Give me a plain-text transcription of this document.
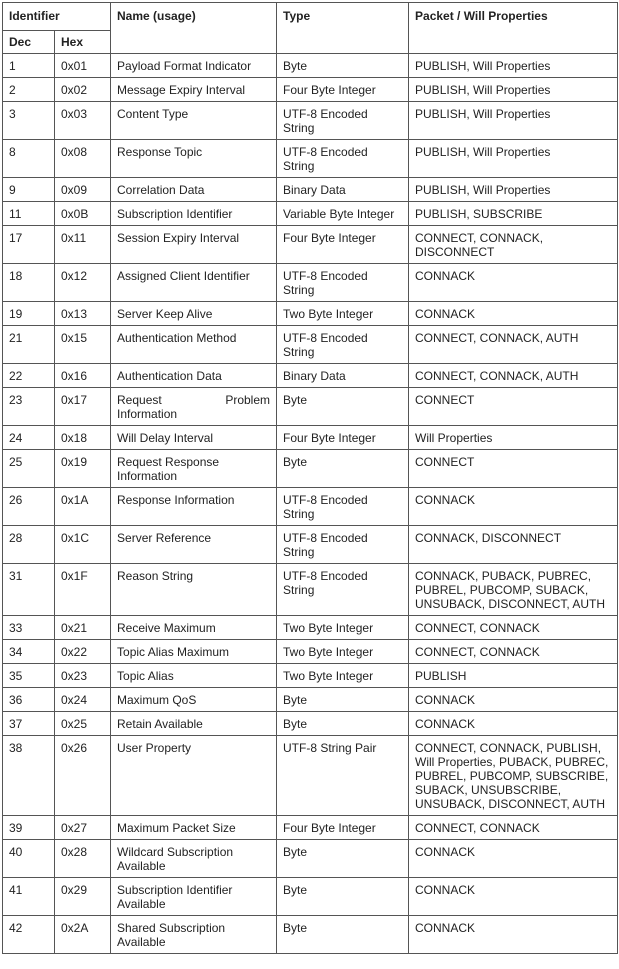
Identifier		Name (usage)	Type	Packet / Will Properties
Dec	Hex			
1	0x01	Payload Format Indicator	Byte	PUBLISH, Will Properties
2	0x02	Message Expiry Interval	Four Byte Integer	PUBLISH, Will Properties
3	0x03	Content Type	UTF-8 Encoded String	PUBLISH, Will Properties
8	0x08	Response Topic	UTF-8 Encoded String	PUBLISH, Will Properties
9	0x09	Correlation Data	Binary Data	PUBLISH, Will Properties
11	0x0B	Subscription Identifier	Variable Byte Integer	PUBLISH, SUBSCRIBE
17	0x11	Session Expiry Interval	Four Byte Integer	CONNECT, CONNACK, DISCONNECT
18	0x12	Assigned Client Identifier	UTF-8 Encoded String	CONNACK
19	0x13	Server Keep Alive	Two Byte Integer	CONNACK
21	0x15	Authentication Method	UTF-8 Encoded String	CONNECT, CONNACK, AUTH
22	0x16	Authentication Data	Binary Data	CONNECT, CONNACK, AUTH
23	0x17	Request Problem Information	Byte	CONNECT
24	0x18	Will Delay Interval	Four Byte Integer	Will Properties
25	0x19	Request Response Information	Byte	CONNECT
26	0x1A	Response Information	UTF-8 Encoded String	CONNACK
28	0x1C	Server Reference	UTF-8 Encoded String	CONNACK, DISCONNECT
31	0x1F	Reason String	UTF-8 Encoded String	CONNACK, PUBACK, PUBREC, PUBREL, PUBCOMP, SUBACK, UNSUBACK, DISCONNECT, AUTH
33	0x21	Receive Maximum	Two Byte Integer	CONNECT, CONNACK
34	0x22	Topic Alias Maximum	Two Byte Integer	CONNECT, CONNACK
35	0x23	Topic Alias	Two Byte Integer	PUBLISH
36	0x24	Maximum QoS	Byte	CONNACK
37	0x25	Retain Available	Byte	CONNACK
38	0x26	User Property	UTF-8 String Pair	CONNECT, CONNACK, PUBLISH, Will Properties, PUBACK, PUBREC, PUBREL, PUBCOMP, SUBSCRIBE, SUBACK, UNSUBSCRIBE, UNSUBACK, DISCONNECT, AUTH
39	0x27	Maximum Packet Size	Four Byte Integer	CONNECT, CONNACK
40	0x28	Wildcard Subscription Available	Byte	CONNACK
41	0x29	Subscription Identifier Available	Byte	CONNACK
42	0x2A	Shared Subscription Available	Byte	CONNACK
